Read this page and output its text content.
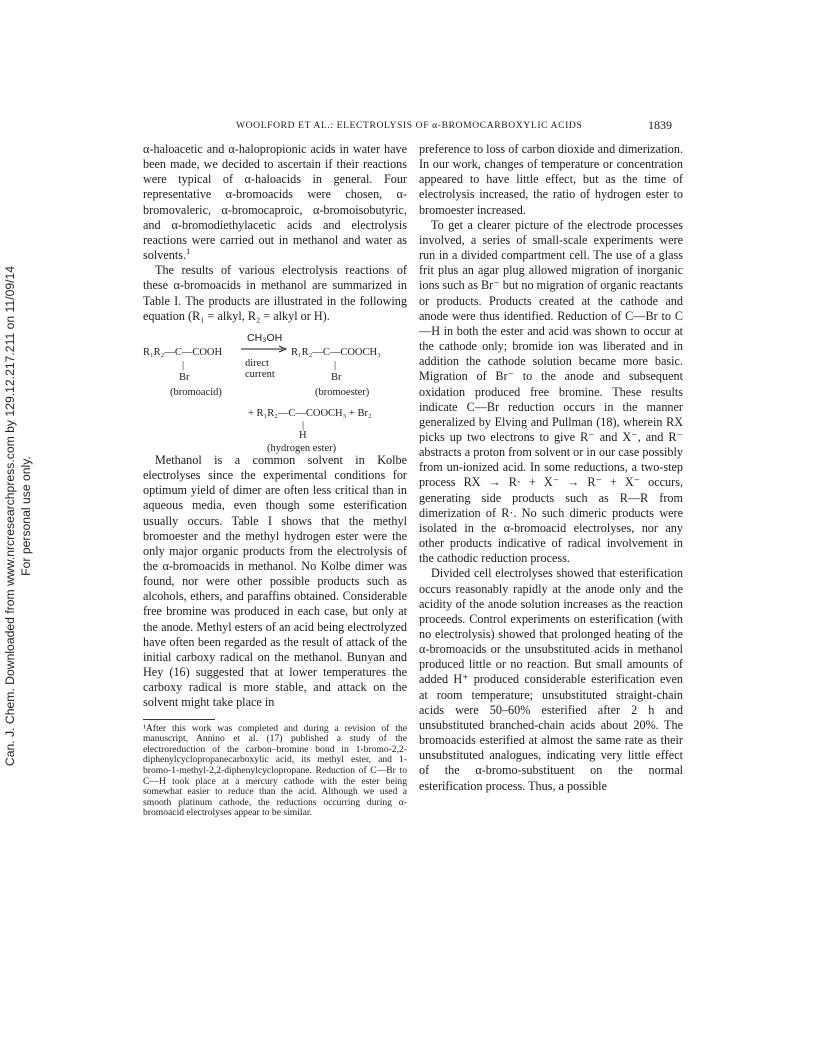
Can. J. Chem. Downloaded from www.nrcresearchpress.com by 129.12.217.211 on 11/09/14 For personal use only.
WOOLFORD ET AL.: ELECTROLYSIS OF α-BROMOCARBOXYLIC ACIDS	1839

α-haloacetic and α-halopropionic acids in water have been made, we decided to ascertain if their reactions were typical of α-haloacids in general. Four representative α-bromoacids were chosen, α-bromovaleric, α-bromocaproic, α-bromoisobutyric, and α-bromodiethylacetic acids and electrolysis reactions were carried out in methanol and water as solvents.$^1$

The results of various electrolysis reactions of these α-bromoacids in methanol are summarized in Table I. The products are illustrated in the following equation (R₁ = alkyl, R₂ = alkyl or H).

R₁R₂—C—COOH
CH₃OH
direct
current
R₁R₂—C—COOCH₃
|
Br
|
Br
(bromoacid)	(bromoester)
+ R₁R₂—C—COOCH₃ + Br₂
|
H
(hydrogen ester)

Methanol is a common solvent in Kolbe electrolyses since the experimental conditions for optimum yield of dimer are often less critical than in aqueous media, even though some esterification usually occurs. Table I shows that the methyl bromoester and the methyl hydrogen ester were the only major organic products from the electrolysis of the α-bromoacids in methanol. No Kolbe dimer was found, nor were other possible products such as alcohols, ethers, and paraffins obtained. Considerable free bromine was produced in each case, but only at the anode. Methyl esters of an acid being electrolyzed have often been regarded as the result of attack of the initial carboxy radical on the methanol. Bunyan and Hey (16) suggested that at lower temperatures the carboxy radical is more stable, and attack on the solvent might take place in

¹After this work was completed and during a revision of the manuscript, Annino et al. (17) published a study of the electroreduction of the carbon–bromine bond in 1-bromo-2,2-diphenylcyclopropanecarboxylic acid, its methyl ester, and 1-bromo-1-methyl-2,2-diphenylcyclopropane. Reduction of C—Br to C—H took place at a mercury cathode with the ester being somewhat easier to reduce than the acid. Although we used a smooth platinum cathode, the reductions occurring during α-bromoacid electrolyses appear to be similar.

preference to loss of carbon dioxide and dimerization. In our work, changes of temperature or concentration appeared to have little effect, but as the time of electrolysis increased, the ratio of hydrogen ester to bromoester increased.

To get a clearer picture of the electrode processes involved, a series of small-scale experiments were run in a divided compartment cell. The use of a glass frit plus an agar plug allowed migration of inorganic ions such as Br⁻ but no migration of organic reactants or products. Products created at the cathode and anode were thus identified. Reduction of C—Br to C—H in both the ester and acid was shown to occur at the cathode only; bromide ion was liberated and in addition the cathode solution became more basic. Migration of Br⁻ to the anode and subsequent oxidation produced free bromine. These results indicate C—Br reduction occurs in the manner generalized by Elving and Pullman (18), wherein RX picks up two electrons to give R⁻ and X⁻, and R⁻ abstracts a proton from solvent or in our case possibly from un-ionized acid. In some reductions, a two-step process RX → R· + X⁻ → R⁻ + X⁻ occurs, generating side products such as R—R from dimerization of R·. No such dimeric products were isolated in the α-bromoacid electrolyses, nor any other products indicative of radical involvement in the cathodic reduction process.

Divided cell electrolyses showed that esterification occurs reasonably rapidly at the anode only and the acidity of the anode solution increases as the reaction proceeds. Control experiments on esterification (with no electrolysis) showed that prolonged heating of the α-bromoacids or the unsubstituted acids in methanol produced little or no reaction. But small amounts of added H⁺ produced considerable esterification even at room temperature; unsubstituted straight-chain acids were 50–60% esterified after 2 h and unsubstituted branched-chain acids about 20%. The bromoacids esterified at almost the same rate as their unsubstituted analogues, indicating very little effect of the α-bromo-substituent on the normal esterification process. Thus, a possible
